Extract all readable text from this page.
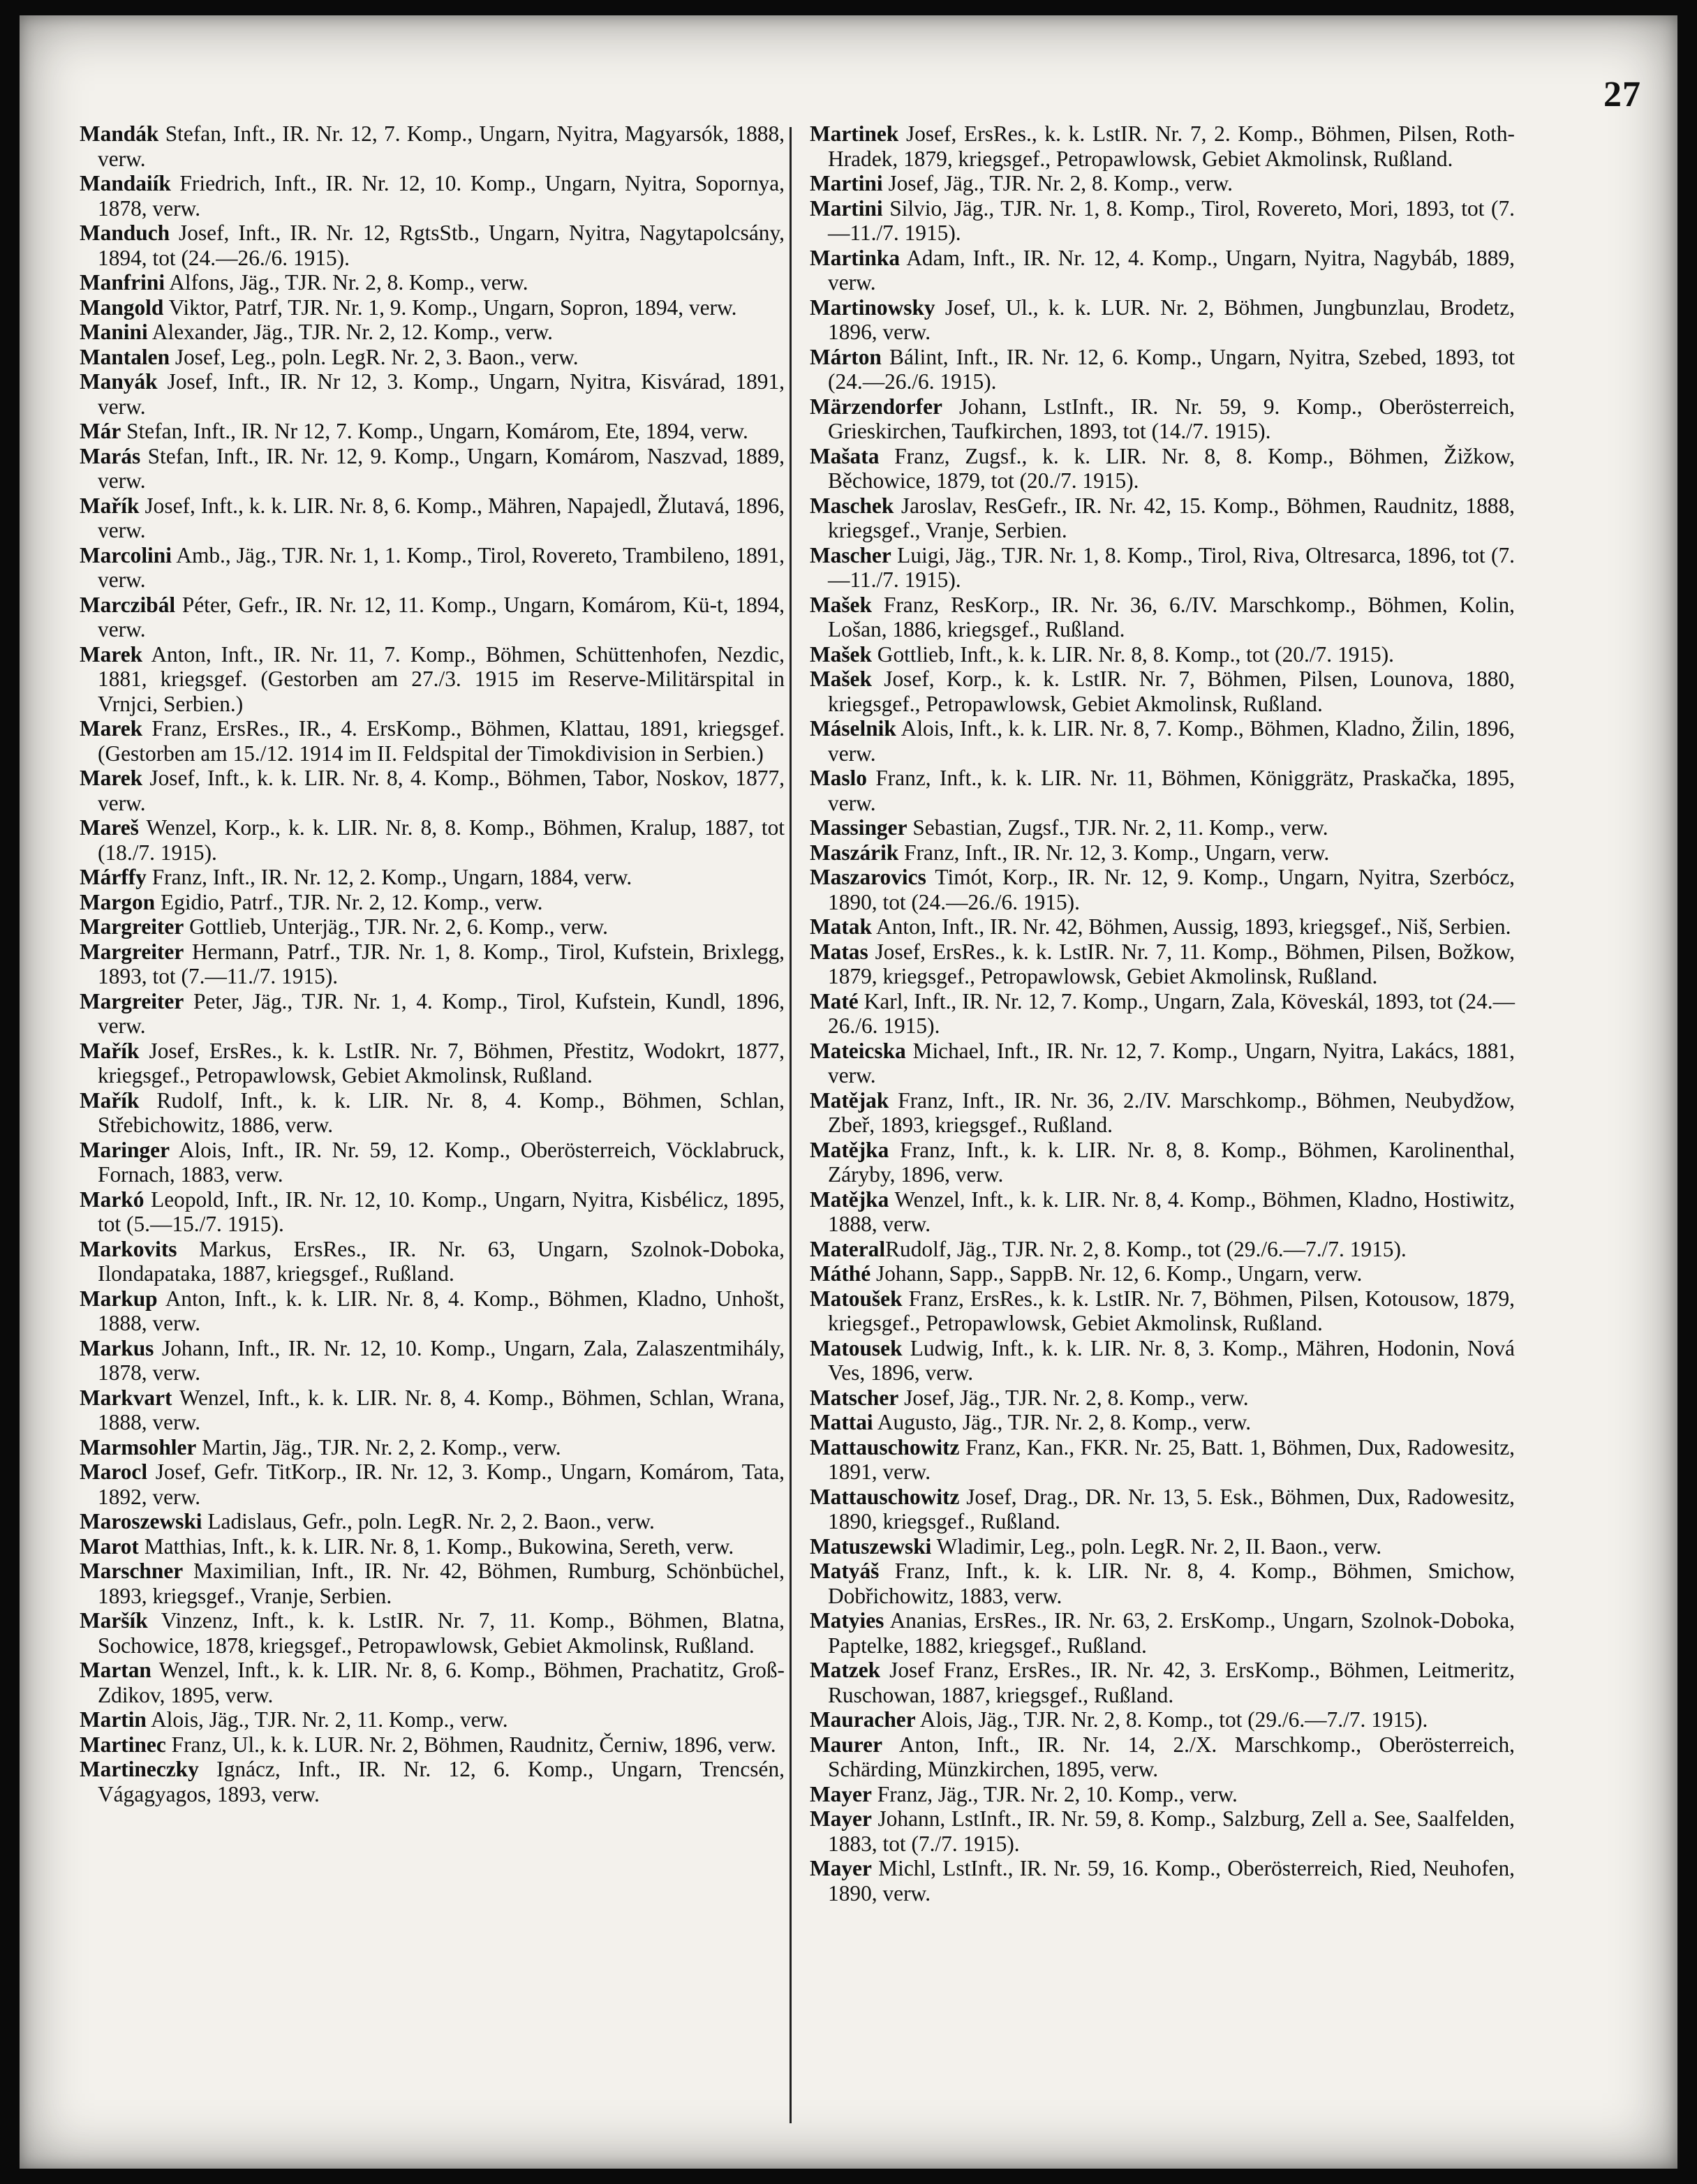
27

Mandák Stefan, Inft., IR. Nr. 12, 7. Komp., Ungarn, Nyitra, Magyarsók, 1888, verw.

Mandaiík Friedrich, Inft., IR. Nr. 12, 10. Komp., Ungarn, Nyitra, Sopornya, 1878, verw.

Manduch Josef, Inft., IR. Nr. 12, RgtsStb., Ungarn, Nyitra, Nagytapolcsány, 1894, tot (24.—26./6. 1915).

Manfrini Alfons, Jäg., TJR. Nr. 2, 8. Komp., verw.

Mangold Viktor, Patrf, TJR. Nr. 1, 9. Komp., Ungarn, Sopron, 1894, verw.

Manini Alexander, Jäg., TJR. Nr. 2, 12. Komp., verw.

Mantalen Josef, Leg., poln. LegR. Nr. 2, 3. Baon., verw.

Manyák Josef, Inft., IR. Nr 12, 3. Komp., Ungarn, Nyitra, Kisvárad, 1891, verw.

Már Stefan, Inft., IR. Nr 12, 7. Komp., Ungarn, Komárom, Ete, 1894, verw.

Marás Stefan, Inft., IR. Nr. 12, 9. Komp., Ungarn, Komárom, Naszvad, 1889, verw.

Mařík Josef, Inft., k. k. LIR. Nr. 8, 6. Komp., Mähren, Napajedl, Žlutavá, 1896, verw.

Marcolini Amb., Jäg., TJR. Nr. 1, 1. Komp., Tirol, Rovereto, Trambileno, 1891, verw.

Marczibál Péter, Gefr., IR. Nr. 12, 11. Komp., Ungarn, Komárom, Kü-t, 1894, verw.

Marek Anton, Inft., IR. Nr. 11, 7. Komp., Böhmen, Schüttenhofen, Nezdic, 1881, kriegsgef. (Gestorben am 27./3. 1915 im Reserve-Militärspital in Vrnjci, Serbien.)

Marek Franz, ErsRes., IR., 4. ErsKomp., Böhmen, Klattau, 1891, kriegsgef. (Gestorben am 15./12. 1914 im II. Feldspital der Timokdivision in Serbien.)

Marek Josef, Inft., k. k. LIR. Nr. 8, 4. Komp., Böhmen, Tabor, Noskov, 1877, verw.

Mareš Wenzel, Korp., k. k. LIR. Nr. 8, 8. Komp., Böhmen, Kralup, 1887, tot (18./7. 1915).

Márffy Franz, Inft., IR. Nr. 12, 2. Komp., Ungarn, 1884, verw.

Margon Egidio, Patrf., TJR. Nr. 2, 12. Komp., verw.

Margreiter Gottlieb, Unterjäg., TJR. Nr. 2, 6. Komp., verw.

Margreiter Hermann, Patrf., TJR. Nr. 1, 8. Komp., Tirol, Kufstein, Brixlegg, 1893, tot (7.—11./7. 1915).

Margreiter Peter, Jäg., TJR. Nr. 1, 4. Komp., Tirol, Kufstein, Kundl, 1896, verw.

Mařík Josef, ErsRes., k. k. LstIR. Nr. 7, Böhmen, Přestitz, Wodokrt, 1877, kriegsgef., Petropawlowsk, Gebiet Akmolinsk, Rußland.

Mařík Rudolf, Inft., k. k. LIR. Nr. 8, 4. Komp., Böhmen, Schlan, Střebichowitz, 1886, verw.

Maringer Alois, Inft., IR. Nr. 59, 12. Komp., Oberösterreich, Vöcklabruck, Fornach, 1883, verw.

Markó Leopold, Inft., IR. Nr. 12, 10. Komp., Ungarn, Nyitra, Kisbélicz, 1895, tot (5.—15./7. 1915).

Markovits Markus, ErsRes., IR. Nr. 63, Ungarn, Szolnok-Doboka, Ilondapataka, 1887, kriegsgef., Rußland.

Markup Anton, Inft., k. k. LIR. Nr. 8, 4. Komp., Böhmen, Kladno, Unhošt, 1888, verw.

Markus Johann, Inft., IR. Nr. 12, 10. Komp., Ungarn, Zala, Zalaszentmihály, 1878, verw.

Markvart Wenzel, Inft., k. k. LIR. Nr. 8, 4. Komp., Böhmen, Schlan, Wrana, 1888, verw.

Marmsohler Martin, Jäg., TJR. Nr. 2, 2. Komp., verw.

Marocl Josef, Gefr. TitKorp., IR. Nr. 12, 3. Komp., Ungarn, Komárom, Tata, 1892, verw.

Maroszewski Ladislaus, Gefr., poln. LegR. Nr. 2, 2. Baon., verw.

Marot Matthias, Inft., k. k. LIR. Nr. 8, 1. Komp., Bukowina, Sereth, verw.

Marschner Maximilian, Inft., IR. Nr. 42, Böhmen, Rumburg, Schönbüchel, 1893, kriegsgef., Vranje, Serbien.

Maršík Vinzenz, Inft., k. k. LstIR. Nr. 7, 11. Komp., Böhmen, Blatna, Sochowice, 1878, kriegsgef., Petropawlowsk, Gebiet Akmolinsk, Rußland.

Martan Wenzel, Inft., k. k. LIR. Nr. 8, 6. Komp., Böhmen, Prachatitz, Groß-Zdikov, 1895, verw.

Martin Alois, Jäg., TJR. Nr. 2, 11. Komp., verw.

Martinec Franz, Ul., k. k. LUR. Nr. 2, Böhmen, Raudnitz, Černiw, 1896, verw.

Martineczky Ignácz, Inft., IR. Nr. 12, 6. Komp., Ungarn, Trencsén, Vágagyagos, 1893, verw.

Martinek Josef, ErsRes., k. k. LstIR. Nr. 7, 2. Komp., Böhmen, Pilsen, Roth-Hradek, 1879, kriegsgef., Petropawlowsk, Gebiet Akmolinsk, Rußland.

Martini Josef, Jäg., TJR. Nr. 2, 8. Komp., verw.

Martini Silvio, Jäg., TJR. Nr. 1, 8. Komp., Tirol, Rovereto, Mori, 1893, tot (7.—11./7. 1915).

Martinka Adam, Inft., IR. Nr. 12, 4. Komp., Ungarn, Nyitra, Nagybáb, 1889, verw.

Martinowsky Josef, Ul., k. k. LUR. Nr. 2, Böhmen, Jungbunzlau, Brodetz, 1896, verw.

Márton Bálint, Inft., IR. Nr. 12, 6. Komp., Ungarn, Nyitra, Szebed, 1893, tot (24.—26./6. 1915).

Märzendorfer Johann, LstInft., IR. Nr. 59, 9. Komp., Oberösterreich, Grieskirchen, Taufkirchen, 1893, tot (14./7. 1915).

Mašata Franz, Zugsf., k. k. LIR. Nr. 8, 8. Komp., Böhmen, Žižkow, Běchowice, 1879, tot (20./7. 1915).

Maschek Jaroslav, ResGefr., IR. Nr. 42, 15. Komp., Böhmen, Raudnitz, 1888, kriegsgef., Vranje, Serbien.

Mascher Luigi, Jäg., TJR. Nr. 1, 8. Komp., Tirol, Riva, Oltresarca, 1896, tot (7.—11./7. 1915).

Mašek Franz, ResKorp., IR. Nr. 36, 6./IV. Marschkomp., Böhmen, Kolin, Lošan, 1886, kriegsgef., Rußland.

Mašek Gottlieb, Inft., k. k. LIR. Nr. 8, 8. Komp., tot (20./7. 1915).

Mašek Josef, Korp., k. k. LstIR. Nr. 7, Böhmen, Pilsen, Lounova, 1880, kriegsgef., Petropawlowsk, Gebiet Akmolinsk, Rußland.

Máselnik Alois, Inft., k. k. LIR. Nr. 8, 7. Komp., Böhmen, Kladno, Žilin, 1896, verw.

Maslo Franz, Inft., k. k. LIR. Nr. 11, Böhmen, Königgrätz, Praskačka, 1895, verw.

Massinger Sebastian, Zugsf., TJR. Nr. 2, 11. Komp., verw.

Maszárik Franz, Inft., IR. Nr. 12, 3. Komp., Ungarn, verw.

Maszarovics Timót, Korp., IR. Nr. 12, 9. Komp., Ungarn, Nyitra, Szerbócz, 1890, tot (24.—26./6. 1915).

Matak Anton, Inft., IR. Nr. 42, Böhmen, Aussig, 1893, kriegsgef., Niš, Serbien.

Matas Josef, ErsRes., k. k. LstIR. Nr. 7, 11. Komp., Böhmen, Pilsen, Božkow, 1879, kriegsgef., Petropawlowsk, Gebiet Akmolinsk, Rußland.

Maté Karl, Inft., IR. Nr. 12, 7. Komp., Ungarn, Zala, Köveskál, 1893, tot (24.—26./6. 1915).

Mateicska Michael, Inft., IR. Nr. 12, 7. Komp., Ungarn, Nyitra, Lakács, 1881, verw.

Matějak Franz, Inft., IR. Nr. 36, 2./IV. Marschkomp., Böhmen, Neubydžow, Zbeř, 1893, kriegsgef., Rußland.

Matějka Franz, Inft., k. k. LIR. Nr. 8, 8. Komp., Böhmen, Karolinenthal, Záryby, 1896, verw.

Matějka Wenzel, Inft., k. k. LIR. Nr. 8, 4. Komp., Böhmen, Kladno, Hostiwitz, 1888, verw.

MateralRudolf, Jäg., TJR. Nr. 2, 8. Komp., tot (29./6.—7./7. 1915).

Máthé Johann, Sapp., SappB. Nr. 12, 6. Komp., Ungarn, verw.

Matoušek Franz, ErsRes., k. k. LstIR. Nr. 7, Böhmen, Pilsen, Kotousow, 1879, kriegsgef., Petropawlowsk, Gebiet Akmolinsk, Rußland.

Matousek Ludwig, Inft., k. k. LIR. Nr. 8, 3. Komp., Mähren, Hodonin, Nová Ves, 1896, verw.

Matscher Josef, Jäg., TJR. Nr. 2, 8. Komp., verw.

Mattai Augusto, Jäg., TJR. Nr. 2, 8. Komp., verw.

Mattauschowitz Franz, Kan., FKR. Nr. 25, Batt. 1, Böhmen, Dux, Radowesitz, 1891, verw.

Mattauschowitz Josef, Drag., DR. Nr. 13, 5. Esk., Böhmen, Dux, Radowesitz, 1890, kriegsgef., Rußland.

Matuszewski Wladimir, Leg., poln. LegR. Nr. 2, II. Baon., verw.

Matyáš Franz, Inft., k. k. LIR. Nr. 8, 4. Komp., Böhmen, Smichow, Dobřichowitz, 1883, verw.

Matyies Ananias, ErsRes., IR. Nr. 63, 2. ErsKomp., Ungarn, Szolnok-Doboka, Paptelke, 1882, kriegsgef., Rußland.

Matzek Josef Franz, ErsRes., IR. Nr. 42, 3. ErsKomp., Böhmen, Leitmeritz, Ruschowan, 1887, kriegsgef., Rußland.

Mauracher Alois, Jäg., TJR. Nr. 2, 8. Komp., tot (29./6.—7./7. 1915).

Maurer Anton, Inft., IR. Nr. 14, 2./X. Marschkomp., Oberösterreich, Schärding, Münzkirchen, 1895, verw.

Mayer Franz, Jäg., TJR. Nr. 2, 10. Komp., verw.

Mayer Johann, LstInft., IR. Nr. 59, 8. Komp., Salzburg, Zell a. See, Saalfelden, 1883, tot (7./7. 1915).

Mayer Michl, LstInft., IR. Nr. 59, 16. Komp., Oberösterreich, Ried, Neuhofen, 1890, verw.
